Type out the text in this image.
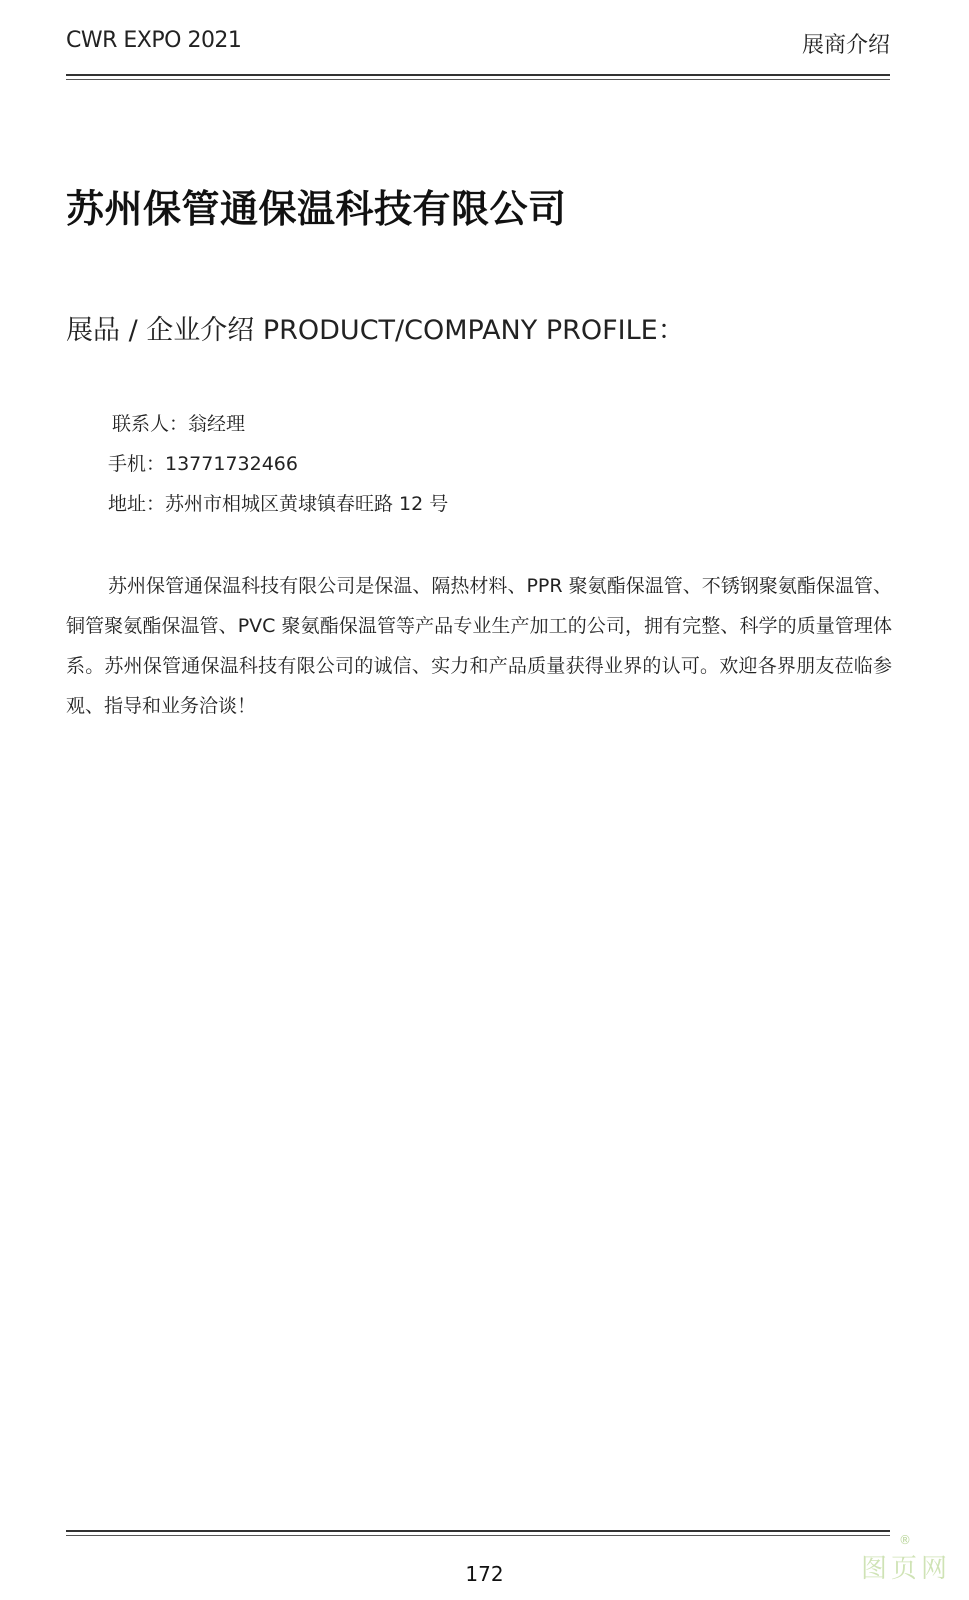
CWR EXPO 2021	展商介绍
苏州保管通保温科技有限公司
展品 / 企业介绍 PRODUCT/COMPANY PROFILE：
联系人：翁经理
手机：13771732466
地址：苏州市相城区黄埭镇春旺路 12 号
苏州保管通保温科技有限公司是保温、隔热材料、PPR 聚氨酯保温管、不锈钢聚氨酯保温管、铜管聚氨酯保温管、PVC 聚氨酯保温管等产品专业生产加工的公司，拥有完整、科学的质量管理体系。苏州保管通保温科技有限公司的诚信、实力和产品质量获得业界的认可。欢迎各界朋友莅临参观、指导和业务洽谈！
172
®
图页网
